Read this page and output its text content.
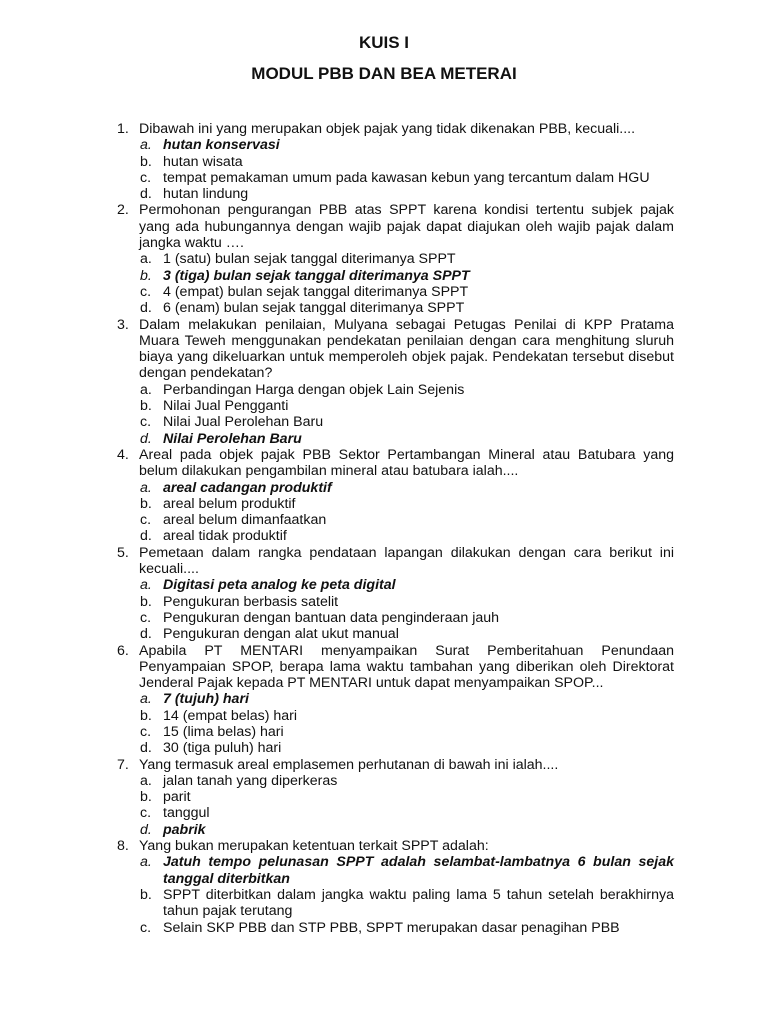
KUIS I
MODUL PBB DAN BEA METERAI
1. Dibawah ini yang merupakan objek pajak yang tidak dikenakan PBB, kecuali....
a. hutan konservasi
b. hutan wisata
c. tempat pemakaman umum pada kawasan kebun yang tercantum dalam HGU
d. hutan lindung
2. Permohonan pengurangan PBB atas SPPT karena kondisi tertentu subjek pajak yang ada hubungannya dengan wajib pajak dapat diajukan oleh wajib pajak dalam jangka waktu ….
a. 1 (satu) bulan sejak tanggal diterimanya SPPT
b. 3 (tiga) bulan sejak tanggal diterimanya SPPT
c. 4 (empat) bulan sejak tanggal diterimanya SPPT
d. 6 (enam) bulan sejak tanggal diterimanya SPPT
3. Dalam melakukan penilaian, Mulyana sebagai Petugas Penilai di KPP Pratama Muara Teweh menggunakan pendekatan penilaian dengan cara menghitung sluruh biaya yang dikeluarkan untuk memperoleh objek pajak. Pendekatan tersebut disebut dengan pendekatan?
a. Perbandingan Harga dengan objek Lain Sejenis
b. Nilai Jual Pengganti
c. Nilai Jual Perolehan Baru
d. Nilai Perolehan Baru
4. Areal pada objek pajak PBB Sektor Pertambangan Mineral atau Batubara yang belum dilakukan pengambilan mineral atau batubara ialah....
a. areal cadangan produktif
b. areal belum produktif
c. areal belum dimanfaatkan
d. areal tidak produktif
5. Pemetaan dalam rangka pendataan lapangan dilakukan dengan cara berikut ini kecuali....
a. Digitasi peta analog ke peta digital
b. Pengukuran berbasis satelit
c. Pengukuran dengan bantuan data penginderaan jauh
d. Pengukuran dengan alat ukut manual
6. Apabila PT MENTARI menyampaikan Surat Pemberitahuan Penundaan Penyampaian SPOP, berapa lama waktu tambahan yang diberikan oleh Direktorat Jenderal Pajak kepada PT MENTARI untuk dapat menyampaikan SPOP...
a. 7 (tujuh) hari
b. 14 (empat belas) hari
c. 15 (lima belas) hari
d. 30 (tiga puluh) hari
7. Yang termasuk areal emplasemen perhutanan di bawah ini ialah....
a. jalan tanah yang diperkeras
b. parit
c. tanggul
d. pabrik
8. Yang bukan merupakan ketentuan terkait SPPT adalah:
a. Jatuh tempo pelunasan SPPT adalah selambat-lambatnya 6 bulan sejak tanggal diterbitkan
b. SPPT diterbitkan dalam jangka waktu paling lama 5 tahun setelah berakhirnya tahun pajak terutang
c. Selain SKP PBB dan STP PBB, SPPT merupakan dasar penagihan PBB
